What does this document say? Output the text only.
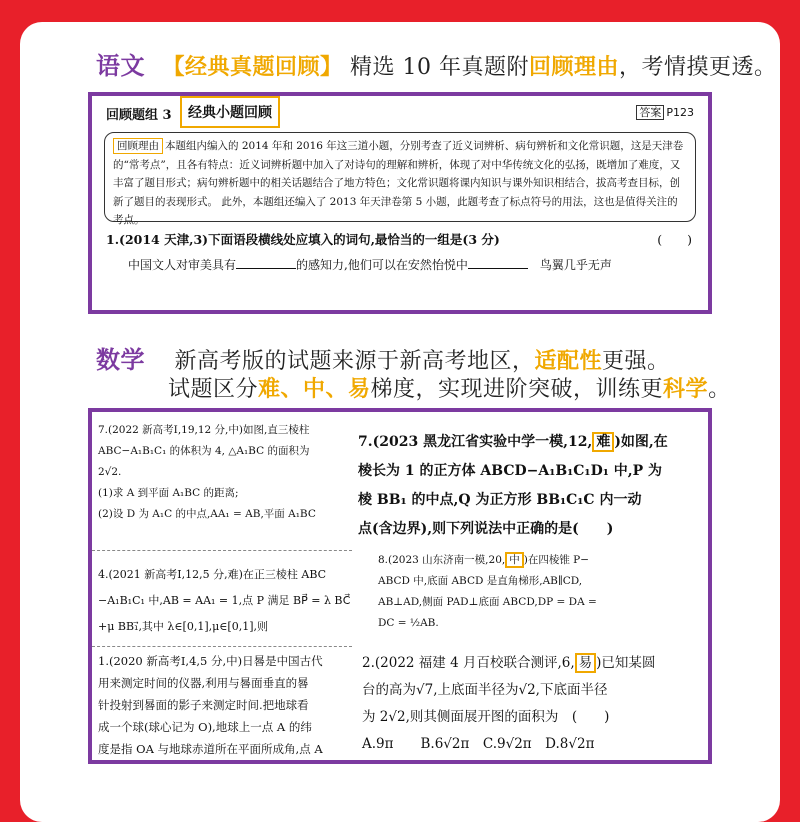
语文 【经典真题回顾】 精选 10 年真题附回顾理由，考情摸更透。
回顾题组 3	经典小题回顾	答案 P123
回顾理由 本题组内编入的 2014 年和 2016 年这三道小题，分别考查了近义词辨析、病句辨析和文化常识题，这是天津卷的“常考点”，且各有特点：近义词辨析题中加入了对诗句的理解和辨析，体现了对中华传统文化的弘扬，既增加了难度，又丰富了题目形式；病句辨析题中的相关话题结合了地方特色；文化常识题将课内知识与课外知识相结合，拔高考查目标，创新了题目的表现形式。 此外，本题组还编入了 2013 年天津卷第 5 小题，此题考查了标点符号的用法，这也是值得关注的考点。
1.(2014 天津,3)下面语段横线处应填入的词句,最恰当的一组是(3 分)	(　　)
中国文人对审美具有	的感知力,他们可以在安然怡悦中	鸟翼几乎无声
数学 新高考版的试题来源于新高考地区，适配性更强。
试题区分难、中、易梯度，实现进阶突破，训练更科学。
7.(2022 新高考Ⅰ,19,12 分,中)如图,直三棱柱
ABC−A₁B₁C₁ 的体积为 4, △A₁BC 的面积为
2√2.
(1)求 A 到平面 A₁BC 的距离;
(2)设 D 为 A₁C 的中点,AA₁ = AB,平面 A₁BC
4.(2021 新高考Ⅰ,12,5 分,难)在正三棱柱 ABC
−A₁B₁C₁ 中,AB = AA₁ = 1,点 P 满足 BP⃗ = λ BC⃗
+μ BB₁⃗,其中 λ∈[0,1],μ∈[0,1],则
1.(2020 新高考Ⅰ,4,5 分,中)日晷是中国古代
用来测定时间的仪器,利用与晷面垂直的晷
针投射到晷面的影子来测定时间.把地球看
成一个球(球心记为 O),地球上一点 A 的纬
度是指 OA 与地球赤道所在平面所成角,点 A
7.(2023 黑龙江省实验中学一模,12, 难 )如图,在
棱长为 1 的正方体 ABCD−A₁B₁C₁D₁ 中,P 为
棱 BB₁ 的中点,Q 为正方形 BB₁C₁C 内一动
点(含边界),则下列说法中正确的是(　　)
8.(2023 山东济南一模,20, 中 )在四棱锥 P−
ABCD 中,底面 ABCD 是直角梯形,AB∥CD,
AB⊥AD,侧面 PAD⊥底面 ABCD,DP = DA =
DC = ½AB.
2.(2022 福建 4 月百校联合测评,6, 易 )已知某圆
台的高为√7,上底面半径为√2,下底面半径
为 2√2,则其侧面展开图的面积为　(　　)
A.9π　　B.6√2π　C.9√2π　D.8√2π
